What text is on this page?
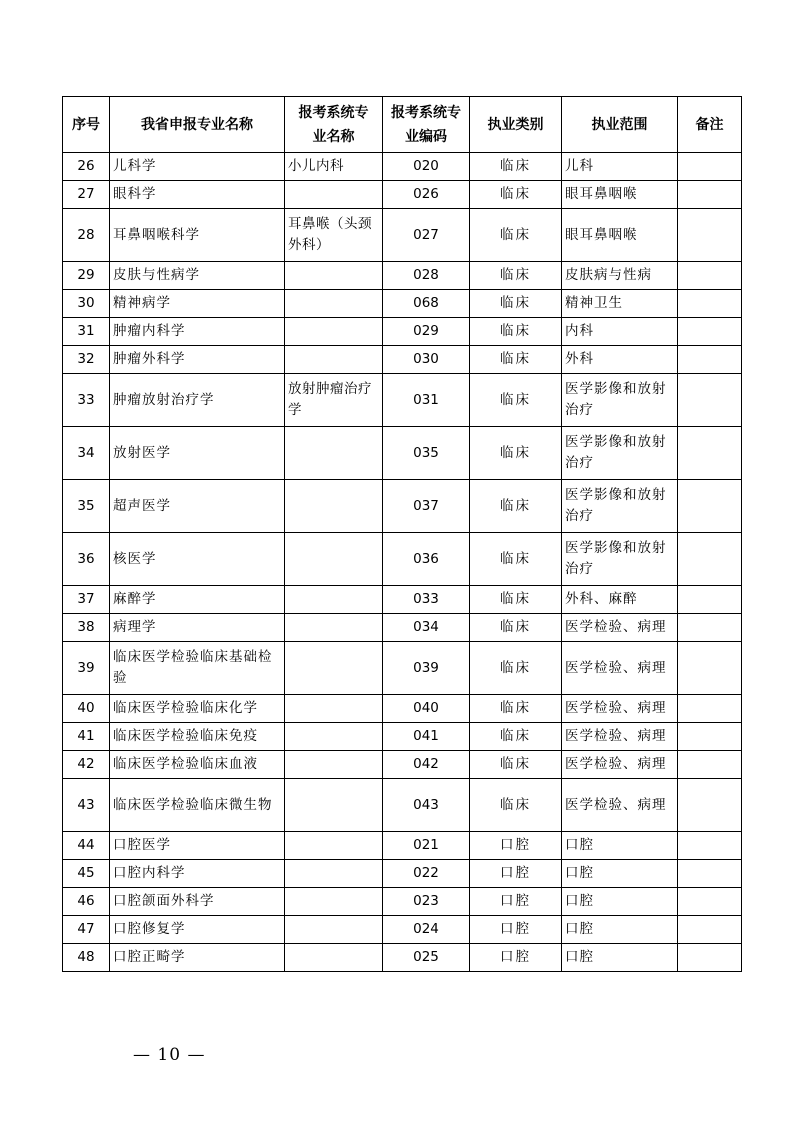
序号	我省申报专业名称	报考系统专业名称	报考系统专业编码	执业类别	执业范围	备注
26	儿科学	小儿内科	020	临床	儿科	
27	眼科学		026	临床	眼耳鼻咽喉	
28	耳鼻咽喉科学	耳鼻喉（头颈外科）	027	临床	眼耳鼻咽喉	
29	皮肤与性病学		028	临床	皮肤病与性病	
30	精神病学		068	临床	精神卫生	
31	肿瘤内科学		029	临床	内科	
32	肿瘤外科学		030	临床	外科	
33	肿瘤放射治疗学	放射肿瘤治疗学	031	临床	医学影像和放射治疗	
34	放射医学		035	临床	医学影像和放射治疗	
35	超声医学		037	临床	医学影像和放射治疗	
36	核医学		036	临床	医学影像和放射治疗	
37	麻醉学		033	临床	外科、麻醉	
38	病理学		034	临床	医学检验、病理	
39	临床医学检验临床基础检验		039	临床	医学检验、病理	
40	临床医学检验临床化学		040	临床	医学检验、病理	
41	临床医学检验临床免疫		041	临床	医学检验、病理	
42	临床医学检验临床血液		042	临床	医学检验、病理	
43	临床医学检验临床微生物		043	临床	医学检验、病理	
44	口腔医学		021	口腔	口腔	
45	口腔内科学		022	口腔	口腔	
46	口腔颌面外科学		023	口腔	口腔	
47	口腔修复学		024	口腔	口腔	
48	口腔正畸学		025	口腔	口腔	
— 10 —
